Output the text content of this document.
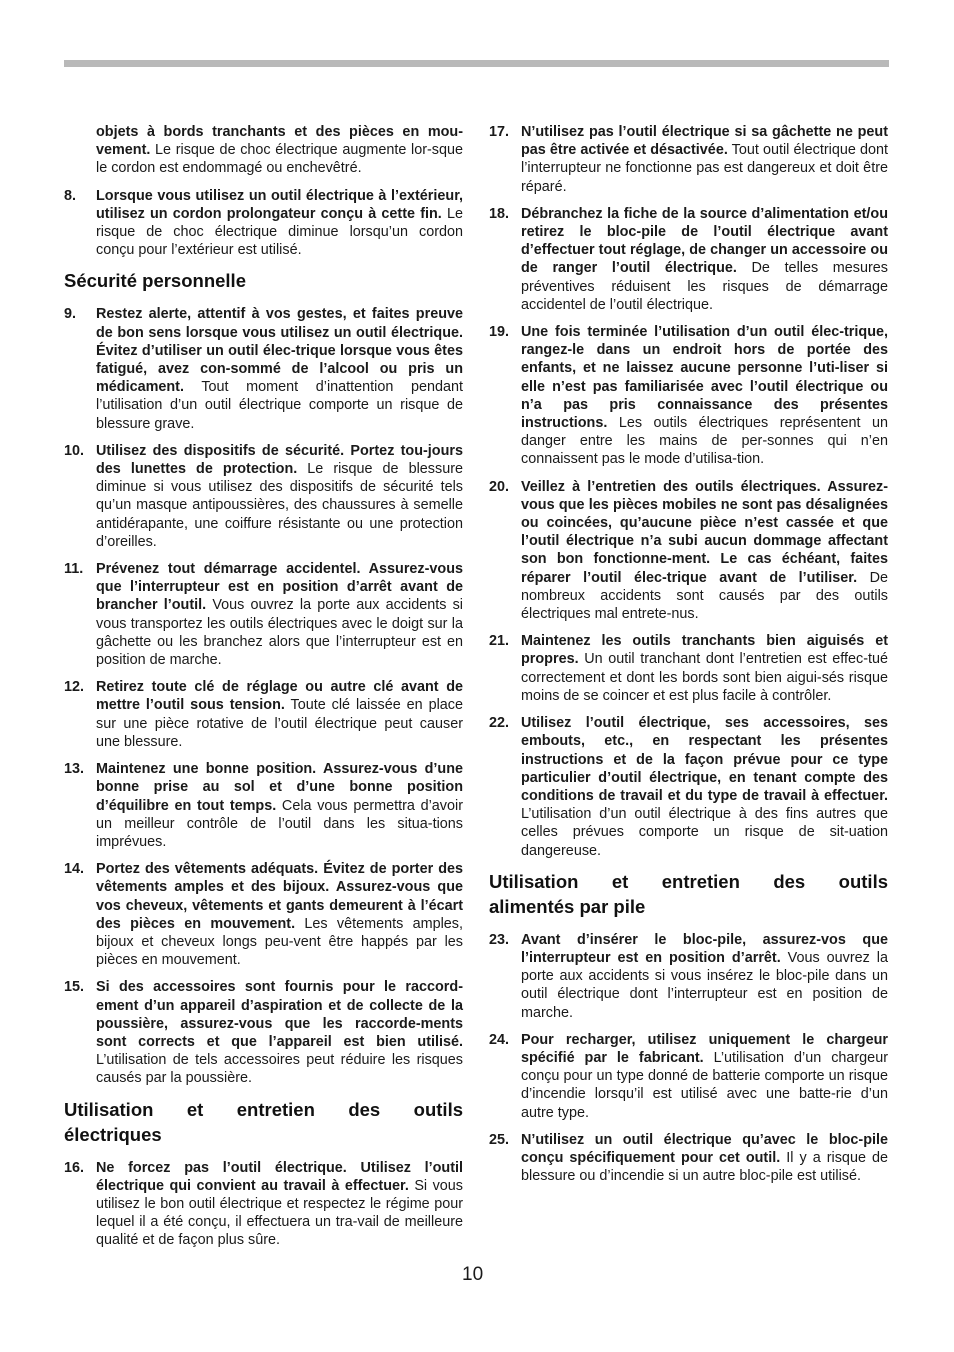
objets à bords tranchants et des pièces en mou-vement. Le risque de choc électrique augmente lor-sque le cordon est endommagé ou enchevêtré.

8. Lorsque vous utilisez un outil électrique à l’extérieur, utilisez un cordon prolongateur conçu à cette fin. Le risque de choc électrique diminue lorsqu’un cordon conçu pour l’extérieur est utilisé.

Sécurité personnelle

9. Restez alerte, attentif à vos gestes, et faites preuve de bon sens lorsque vous utilisez un outil électrique. Évitez d’utiliser un outil élec-trique lorsque vous êtes fatigué, avez con-sommé de l’alcool ou pris un médicament. Tout moment d’inattention pendant l’utilisation d’un outil électrique comporte un risque de blessure grave.

10. Utilisez des dispositifs de sécurité. Portez tou-jours des lunettes de protection. Le risque de blessure diminue si vous utilisez des dispositifs de sécurité tels qu’un masque antipoussières, des chaussures à semelle antidérapante, une coiffure résistante ou une protection d’oreilles.

11. Prévenez tout démarrage accidentel. Assurez-vous que l’interrupteur est en position d’arrêt avant de brancher l’outil. Vous ouvrez la porte aux accidents si vous transportez les outils électriques avec le doigt sur la gâchette ou les branchez alors que l’interrupteur est en position de marche.

12. Retirez toute clé de réglage ou autre clé avant de mettre l’outil sous tension. Toute clé laissée en place sur une pièce rotative de l’outil électrique peut causer une blessure.

13. Maintenez une bonne position. Assurez-vous d’une bonne prise au sol et d’une bonne position d’équilibre en tout temps. Cela vous permettra d’avoir un meilleur contrôle de l’outil dans les situa-tions imprévues.

14. Portez des vêtements adéquats. Évitez de porter des vêtements amples et des bijoux. Assurez-vous que vos cheveux, vêtements et gants demeurent à l’écart des pièces en mouvement. Les vêtements amples, bijoux et cheveux longs peu-vent être happés par les pièces en mouvement.

15. Si des accessoires sont fournis pour le raccord-ement d’un appareil d’aspiration et de collecte de la poussière, assurez-vous que les raccorde-ments sont corrects et que l’appareil est bien utilisé. L’utilisation de tels accessoires peut réduire les risques causés par la poussière.

Utilisation et entretien des outils
électriques

16. Ne forcez pas l’outil électrique. Utilisez l’outil électrique qui convient au travail à effectuer. Si vous utilisez le bon outil électrique et respectez le régime pour lequel il a été conçu, il effectuera un tra-vail de meilleure qualité et de façon plus sûre.

17. N’utilisez pas l’outil électrique si sa gâchette ne peut pas être activée et désactivée. Tout outil électrique dont l’interrupteur ne fonctionne pas est dangereux et doit être réparé.

18. Débranchez la fiche de la source d’alimentation et/ou retirez le bloc-pile de l’outil électrique avant d’effectuer tout réglage, de changer un accessoire ou de ranger l’outil électrique. De telles mesures préventives réduisent les risques de démarrage accidentel de l’outil électrique.

19. Une fois terminée l’utilisation d’un outil élec-trique, rangez-le dans un endroit hors de portée des enfants, et ne laissez aucune personne l’uti-liser si elle n’est pas familiarisée avec l’outil électrique ou n’a pas pris connaissance des présentes instructions. Les outils électriques représentent un danger entre les mains de per-sonnes qui n’en connaissent pas le mode d’utilisa-tion.

20. Veillez à l’entretien des outils électriques. Assurez-vous que les pièces mobiles ne sont pas désalignées ou coincées, qu’aucune pièce n’est cassée et que l’outil électrique n’a subi aucun dommage affectant son bon fonctionne-ment. Le cas échéant, faites réparer l’outil élec-trique avant de l’utiliser. De nombreux accidents sont causés par des outils électriques mal entrete-nus.

21. Maintenez les outils tranchants bien aiguisés et propres. Un outil tranchant dont l’entretien est effec-tué correctement et dont les bords sont bien aigui-sés risque moins de se coincer et est plus facile à contrôler.

22. Utilisez l’outil électrique, ses accessoires, ses embouts, etc., en respectant les présentes instructions et de la façon prévue pour ce type particulier d’outil électrique, en tenant compte des conditions de travail et du type de travail à effectuer. L’utilisation d’un outil électrique à des fins autres que celles prévues comporte un risque de sit-uation dangereuse.

Utilisation et entretien des outils
alimentés par pile

23. Avant d’insérer le bloc-pile, assurez-vos que l’interrupteur est en position d’arrêt. Vous ouvrez la porte aux accidents si vous insérez le bloc-pile dans un outil électrique dont l’interrupteur est en position de marche.

24. Pour recharger, utilisez uniquement le chargeur spécifié par le fabricant. L’utilisation d’un chargeur conçu pour un type donné de batterie comporte un risque d’incendie lorsqu’il est utilisé avec une batte-rie d’un autre type.

25. N’utilisez un outil électrique qu’avec le bloc-pile conçu spécifiquement pour cet outil. Il y a risque de blessure ou d’incendie si un autre bloc-pile est utilisé.

10
